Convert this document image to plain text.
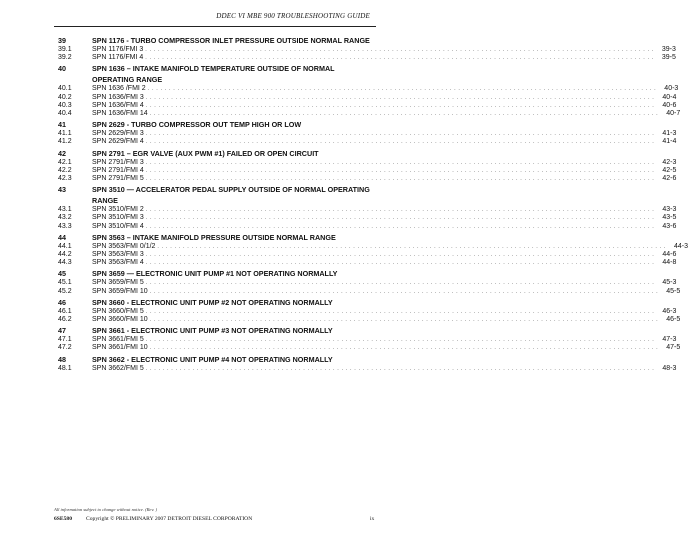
DDEC VI MBE 900 TROUBLESHOOTING GUIDE
39	SPN 1176 - TURBO COMPRESSOR INLET PRESSURE OUTSIDE NORMAL RANGE
39.1	SPN 1176/FMI 3 . . . . . . . . . . . . . . . . . . . . . . . . . . . . . . . . . . . . . . . . . . . . . . . . . . . . . . . . . . . . . . . . . . . . . . . . . . . . . . . . . . . . . . . . . . . . . . . . . . . . . . . . . . . . . . . . . . . . . . . .	39-3
39.2	SPN 1176/FMI 4 . . . . . . . . . . . . . . . . . . . . . . . . . . . . . . . . . . . . . . . . . . . . . . . . . . . . . . . . . . . . . . . . . . . . . . . . . . . . . . . . . . . . . . . . . . . . . . . . . . . . . . . . . . . . . . . . . . . . . . . .	39-5
40	SPN 1636 – INTAKE MANIFOLD TEMPERATURE OUTSIDE OF NORMAL OPERATING RANGE
40.1	SPN 1636 /FMI 2 . . . . . . . . . . . . . . . . . . . . . . . . . . . . . . . . . . . . . . . . . . . . . . . . . . . . . . . . . . . . . . . . . . . . . . . . . . . . . . . . . . . . . . . . . . . . . . . . . . . . . . . . . . . . . . . . . . . . . . . .	40-3
40.2	SPN 1636/FMI 3 . . . . . . . . . . . . . . . . . . . . . . . . . . . . . . . . . . . . . . . . . . . . . . . . . . . . . . . . . . . . . . . . . . . . . . . . . . . . . . . . . . . . . . . . . . . . . . . . . . . . . . . . . . . . . . . . . . . . . . . .	40-4
40.3	SPN 1636/FMI 4 . . . . . . . . . . . . . . . . . . . . . . . . . . . . . . . . . . . . . . . . . . . . . . . . . . . . . . . . . . . . . . . . . . . . . . . . . . . . . . . . . . . . . . . . . . . . . . . . . . . . . . . . . . . . . . . . . . . . . . . .	40-6
40.4	SPN 1636/FMI 14 . . . . . . . . . . . . . . . . . . . . . . . . . . . . . . . . . . . . . . . . . . . . . . . . . . . . . . . . . . . . . . . . . . . . . . . . . . . . . . . . . . . . . . . . . . . . . . . . . . . . . . . . . . . . . . . . . . . . . . . .	40-7
41	SPN 2629 - TURBO COMPRESSOR OUT TEMP HIGH OR LOW
41.1	SPN 2629/FMI 3 . . . . . . . . . . . . . . . . . . . . . . . . . . . . . . . . . . . . . . . . . . . . . . . . . . . . . . . . . . . . . . . . . . . . . . . . . . . . . . . . . . . . . . . . . . . . . . . . . . . . . . . . . . . . . . . . . . . . . . . .	41-3
41.2	SPN 2629/FMI 4 . . . . . . . . . . . . . . . . . . . . . . . . . . . . . . . . . . . . . . . . . . . . . . . . . . . . . . . . . . . . . . . . . . . . . . . . . . . . . . . . . . . . . . . . . . . . . . . . . . . . . . . . . . . . . . . . . . . . . . . .	41-4
42	SPN 2791 – EGR VALVE (AUX PWM #1) FAILED OR OPEN CIRCUIT
42.1	SPN 2791/FMI 3 . . . . . . . . . . . . . . . . . . . . . . . . . . . . . . . . . . . . . . . . . . . . . . . . . . . . . . . . . . . . . . . . . . . . . . . . . . . . . . . . . . . . . . . . . . . . . . . . . . . . . . . . . . . . . . . . . . . . . . . .	42-3
42.2	SPN 2791/FMI 4 . . . . . . . . . . . . . . . . . . . . . . . . . . . . . . . . . . . . . . . . . . . . . . . . . . . . . . . . . . . . . . . . . . . . . . . . . . . . . . . . . . . . . . . . . . . . . . . . . . . . . . . . . . . . . . . . . . . . . . . .	42-5
42.3	SPN 2791/FMI 5 . . . . . . . . . . . . . . . . . . . . . . . . . . . . . . . . . . . . . . . . . . . . . . . . . . . . . . . . . . . . . . . . . . . . . . . . . . . . . . . . . . . . . . . . . . . . . . . . . . . . . . . . . . . . . . . . . . . . . . . .	42-6
43	SPN 3510 — ACCELERATOR PEDAL SUPPLY OUTSIDE OF NORMAL OPERATING RANGE
43.1	SPN 3510/FMI 2 . . . . . . . . . . . . . . . . . . . . . . . . . . . . . . . . . . . . . . . . . . . . . . . . . . . . . . . . . . . . . . . . . . . . . . . . . . . . . . . . . . . . . . . . . . . . . . . . . . . . . . . . . . . . . . . . . . . . . . . .	43-3
43.2	SPN 3510/FMI 3 . . . . . . . . . . . . . . . . . . . . . . . . . . . . . . . . . . . . . . . . . . . . . . . . . . . . . . . . . . . . . . . . . . . . . . . . . . . . . . . . . . . . . . . . . . . . . . . . . . . . . . . . . . . . . . . . . . . . . . . .	43-5
43.3	SPN 3510/FMI 4 . . . . . . . . . . . . . . . . . . . . . . . . . . . . . . . . . . . . . . . . . . . . . . . . . . . . . . . . . . . . . . . . . . . . . . . . . . . . . . . . . . . . . . . . . . . . . . . . . . . . . . . . . . . . . . . . . . . . . . . .	43-6
44	SPN 3563 – INTAKE MANIFOLD PRESSURE OUTSIDE NORMAL RANGE
44.1	SPN 3563/FMI 0/1/2 . . . . . . . . . . . . . . . . . . . . . . . . . . . . . . . . . . . . . . . . . . . . . . . . . . . . . . . . . . . . . . . . . . . . . . . . . . . . . . . . . . . . . . . . . . . . . . . . . . . . . . . . . . . . . . . . . . . . . . . .	44-3
44.2	SPN 3563/FMI 3 . . . . . . . . . . . . . . . . . . . . . . . . . . . . . . . . . . . . . . . . . . . . . . . . . . . . . . . . . . . . . . . . . . . . . . . . . . . . . . . . . . . . . . . . . . . . . . . . . . . . . . . . . . . . . . . . . . . . . . . .	44-6
44.3	SPN 3563/FMI 4 . . . . . . . . . . . . . . . . . . . . . . . . . . . . . . . . . . . . . . . . . . . . . . . . . . . . . . . . . . . . . . . . . . . . . . . . . . . . . . . . . . . . . . . . . . . . . . . . . . . . . . . . . . . . . . . . . . . . . . . .	44-8
45	SPN 3659 — ELECTRONIC UNIT PUMP #1 NOT OPERATING NORMALLY
45.1	SPN 3659/FMI 5 . . . . . . . . . . . . . . . . . . . . . . . . . . . . . . . . . . . . . . . . . . . . . . . . . . . . . . . . . . . . . . . . . . . . . . . . . . . . . . . . . . . . . . . . . . . . . . . . . . . . . . . . . . . . . . . . . . . . . . . .	45-3
45.2	SPN 3659/FMI 10 . . . . . . . . . . . . . . . . . . . . . . . . . . . . . . . . . . . . . . . . . . . . . . . . . . . . . . . . . . . . . . . . . . . . . . . . . . . . . . . . . . . . . . . . . . . . . . . . . . . . . . . . . . . . . . . . . . . . . . . .	45-5
46	SPN 3660 - ELECTRONIC UNIT PUMP #2 NOT OPERATING NORMALLY
46.1	SPN 3660/FMI 5 . . . . . . . . . . . . . . . . . . . . . . . . . . . . . . . . . . . . . . . . . . . . . . . . . . . . . . . . . . . . . . . . . . . . . . . . . . . . . . . . . . . . . . . . . . . . . . . . . . . . . . . . . . . . . . . . . . . . . . . .	46-3
46.2	SPN 3660/FMI 10 . . . . . . . . . . . . . . . . . . . . . . . . . . . . . . . . . . . . . . . . . . . . . . . . . . . . . . . . . . . . . . . . . . . . . . . . . . . . . . . . . . . . . . . . . . . . . . . . . . . . . . . . . . . . . . . . . . . . . . . .	46-5
47	SPN 3661 - ELECTRONIC UNIT PUMP #3 NOT OPERATING NORMALLY
47.1	SPN 3661/FMI 5 . . . . . . . . . . . . . . . . . . . . . . . . . . . . . . . . . . . . . . . . . . . . . . . . . . . . . . . . . . . . . . . . . . . . . . . . . . . . . . . . . . . . . . . . . . . . . . . . . . . . . . . . . . . . . . . . . . . . . . . .	47-3
47.2	SPN 3661/FMI 10 . . . . . . . . . . . . . . . . . . . . . . . . . . . . . . . . . . . . . . . . . . . . . . . . . . . . . . . . . . . . . . . . . . . . . . . . . . . . . . . . . . . . . . . . . . . . . . . . . . . . . . . . . . . . . . . . . . . . . . . .	47-5
48	SPN 3662 - ELECTRONIC UNIT PUMP #4 NOT OPERATING NORMALLY
48.1	SPN 3662/FMI 5 . . . . . . . . . . . . . . . . . . . . . . . . . . . . . . . . . . . . . . . . . . . . . . . . . . . . . . . . . . . . . . . . . . . . . . . . . . . . . . . . . . . . . . . . . . . . . . . . . . . . . . . . . . . . . . . . . . . . . . . .	48-3
All information subject to change without notice. (Rev. )
6SE580 Copyright © PRELIMINARY 2007 DETROIT DIESEL CORPORATION	ix
